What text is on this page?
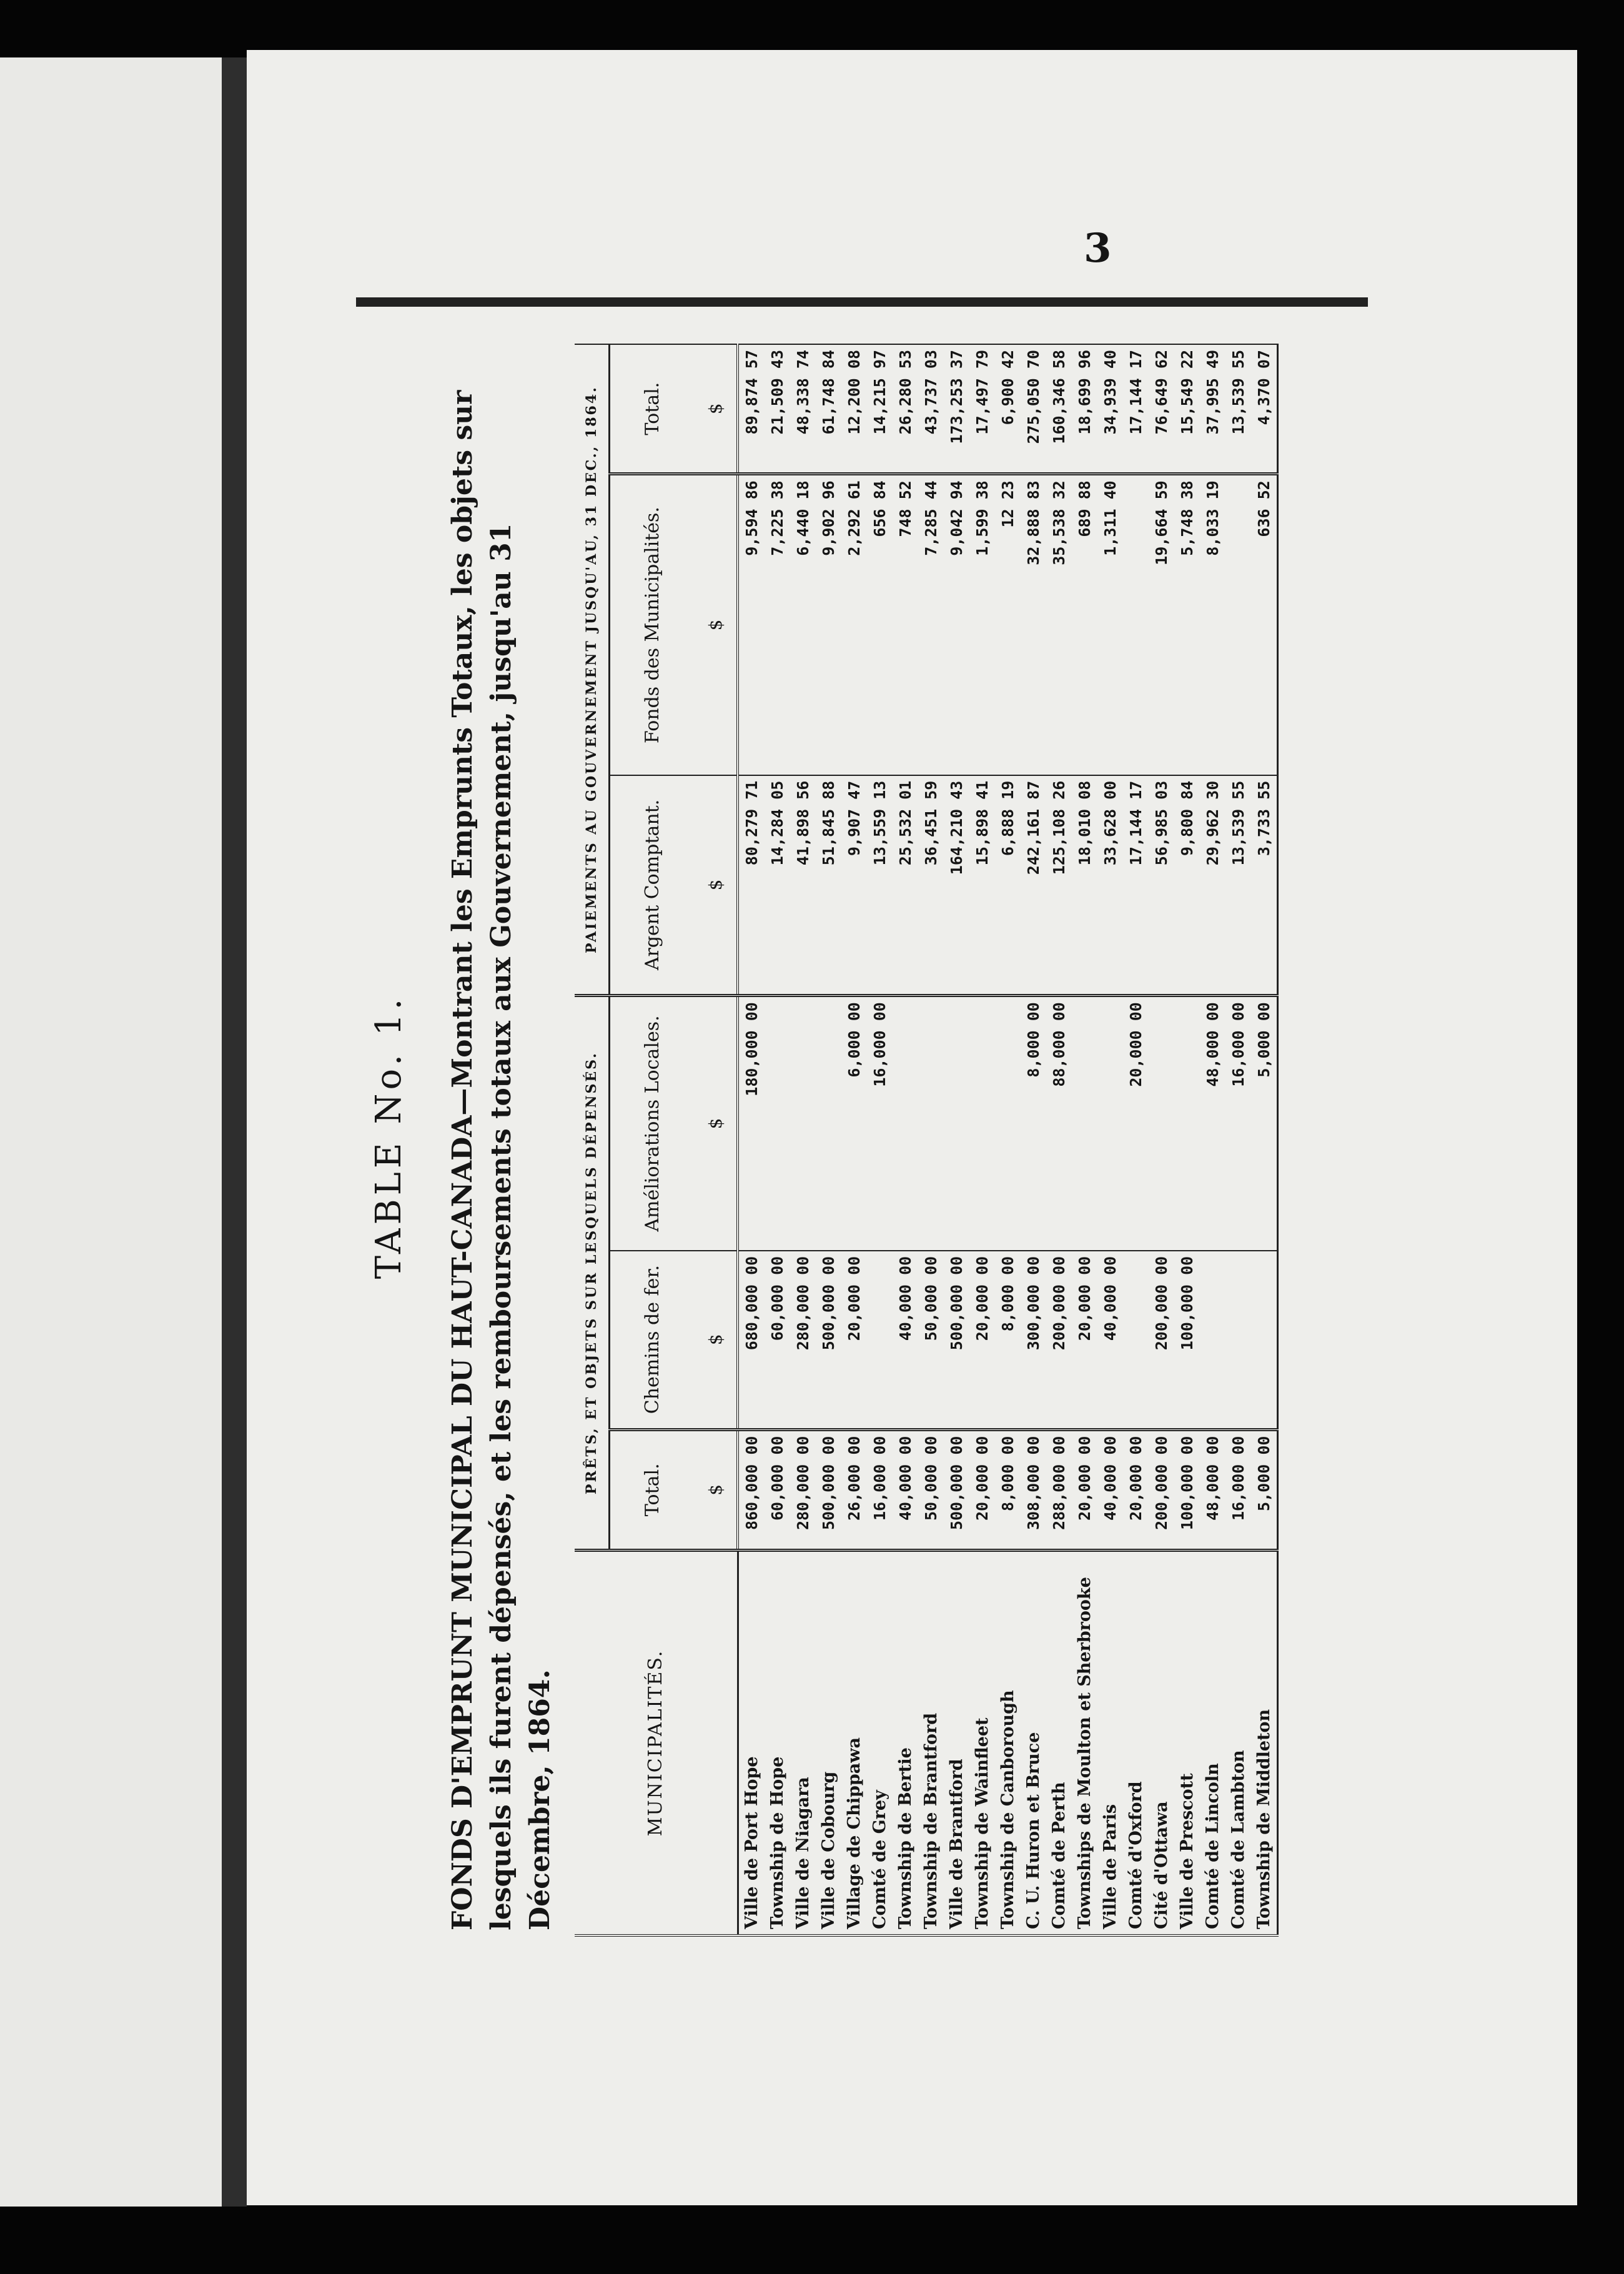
3
TABLE No. 1. FONDS D'EMPRUNT MUNICIPAL DU HAUT-CANADA—Montrant les Emprunts Totaux, les objets sur lesquels ils furent dépensés, et les remboursements totaux aux Gouvernement, jusqu'au 31 Décembre, 1864.	MUNICIPALITÉS.	PRÊTS, ET OBJETS SUR LESQUELS DÉPENSÉS.			PAIEMENTS AU GOUVERNEMENT JUSQU'AU, 31 DEC., 1864.		
	Total.	Chemins de fer.	Améliorations Locales.	Argent Comptant.	Fonds des Municipalités.	Total.
	$	$	$	$	$	$
Ville de Port Hope	860,000 00	680,000 00	180,000 00	80,279 71	9,594 86	89,874 57
Township de Hope	60,000 00	60,000 00		14,284 05	7,225 38	21,509 43
Ville de Niagara	280,000 00	280,000 00		41,898 56	6,440 18	48,338 74
Ville de Cobourg	500,000 00	500,000 00		51,845 88	9,902 96	61,748 84
Village de Chippawa	26,000 00	20,000 00	6,000 00	9,907 47	2,292 61	12,200 08
Comté de Grey	16,000 00		16,000 00	13,559 13	656 84	14,215 97
Township de Bertie	40,000 00	40,000 00		25,532 01	748 52	26,280 53
Township de Brantford	50,000 00	50,000 00		36,451 59	7,285 44	43,737 03
Ville de Brantford	500,000 00	500,000 00		164,210 43	9,042 94	173,253 37
Township de Wainfleet	20,000 00	20,000 00		15,898 41	1,599 38	17,497 79
Township de Canborough	8,000 00	8,000 00		6,888 19	12 23	6,900 42
C. U. Huron et Bruce	308,000 00	300,000 00	8,000 00	242,161 87	32,888 83	275,050 70
Comté de Perth	288,000 00	200,000 00	88,000 00	125,108 26	35,538 32	160,346 58
Townships de Moulton et Sherbrooke	20,000 00	20,000 00		18,010 08	689 88	18,699 96
Ville de Paris	40,000 00	40,000 00		33,628 00	1,311 40	34,939 40
Comté d'Oxford	20,000 00		20,000 00	17,144 17		17,144 17
Cité d'Ottawa	200,000 00	200,000 00		56,985 03	19,664 59	76,649 62
Ville de Prescott	100,000 00	100,000 00		9,800 84	5,748 38	15,549 22
Comté de Lincoln	48,000 00		48,000 00	29,962 30	8,033 19	37,995 49
Comté de Lambton	16,000 00		16,000 00	13,539 55		13,539 55
Township de Middleton	5,000 00		5,000 00	3,733 55	636 52	4,370 07
